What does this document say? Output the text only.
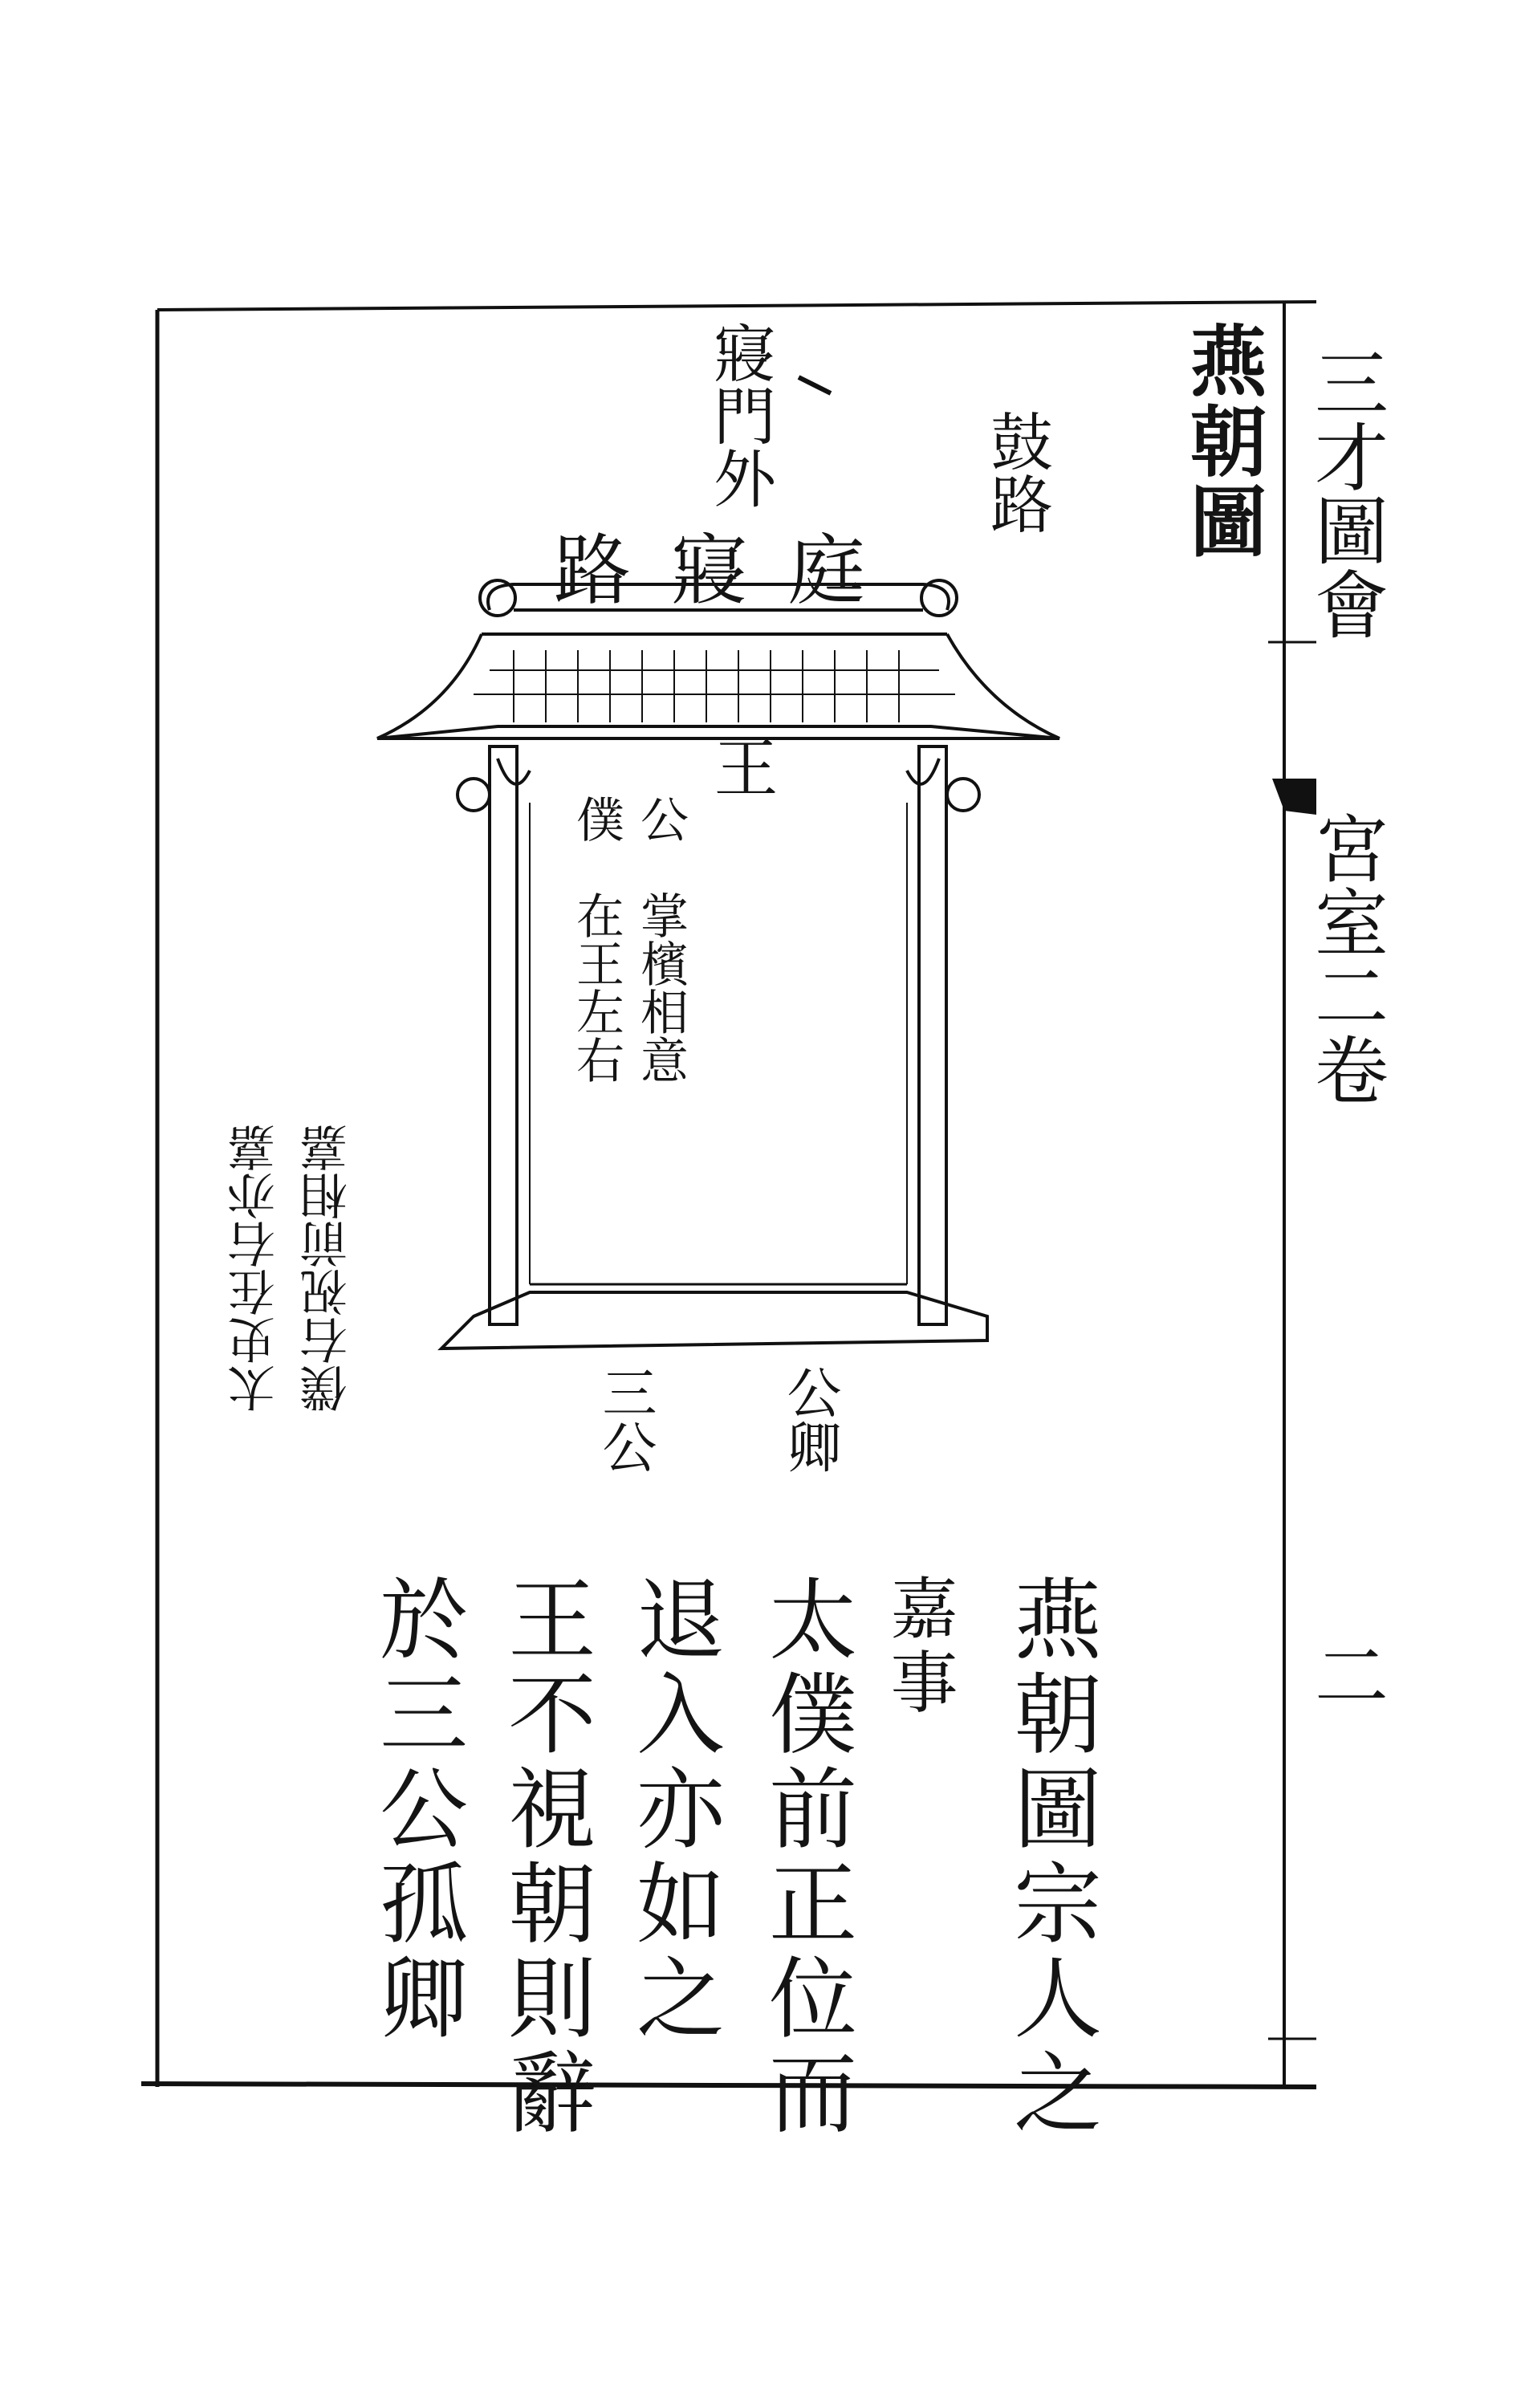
三才圖會
宮室二卷
二
燕朝圖
鼓路
寢門外
路寢庭
王
公
僕
掌檳相意
在王左右
公卿
三公
僕右祝前相嘉
太史在右亦嘉
燕朝圖宗人之
嘉事
太僕前正位而
退入亦如之
王不視朝則辭
於三公孤卿
